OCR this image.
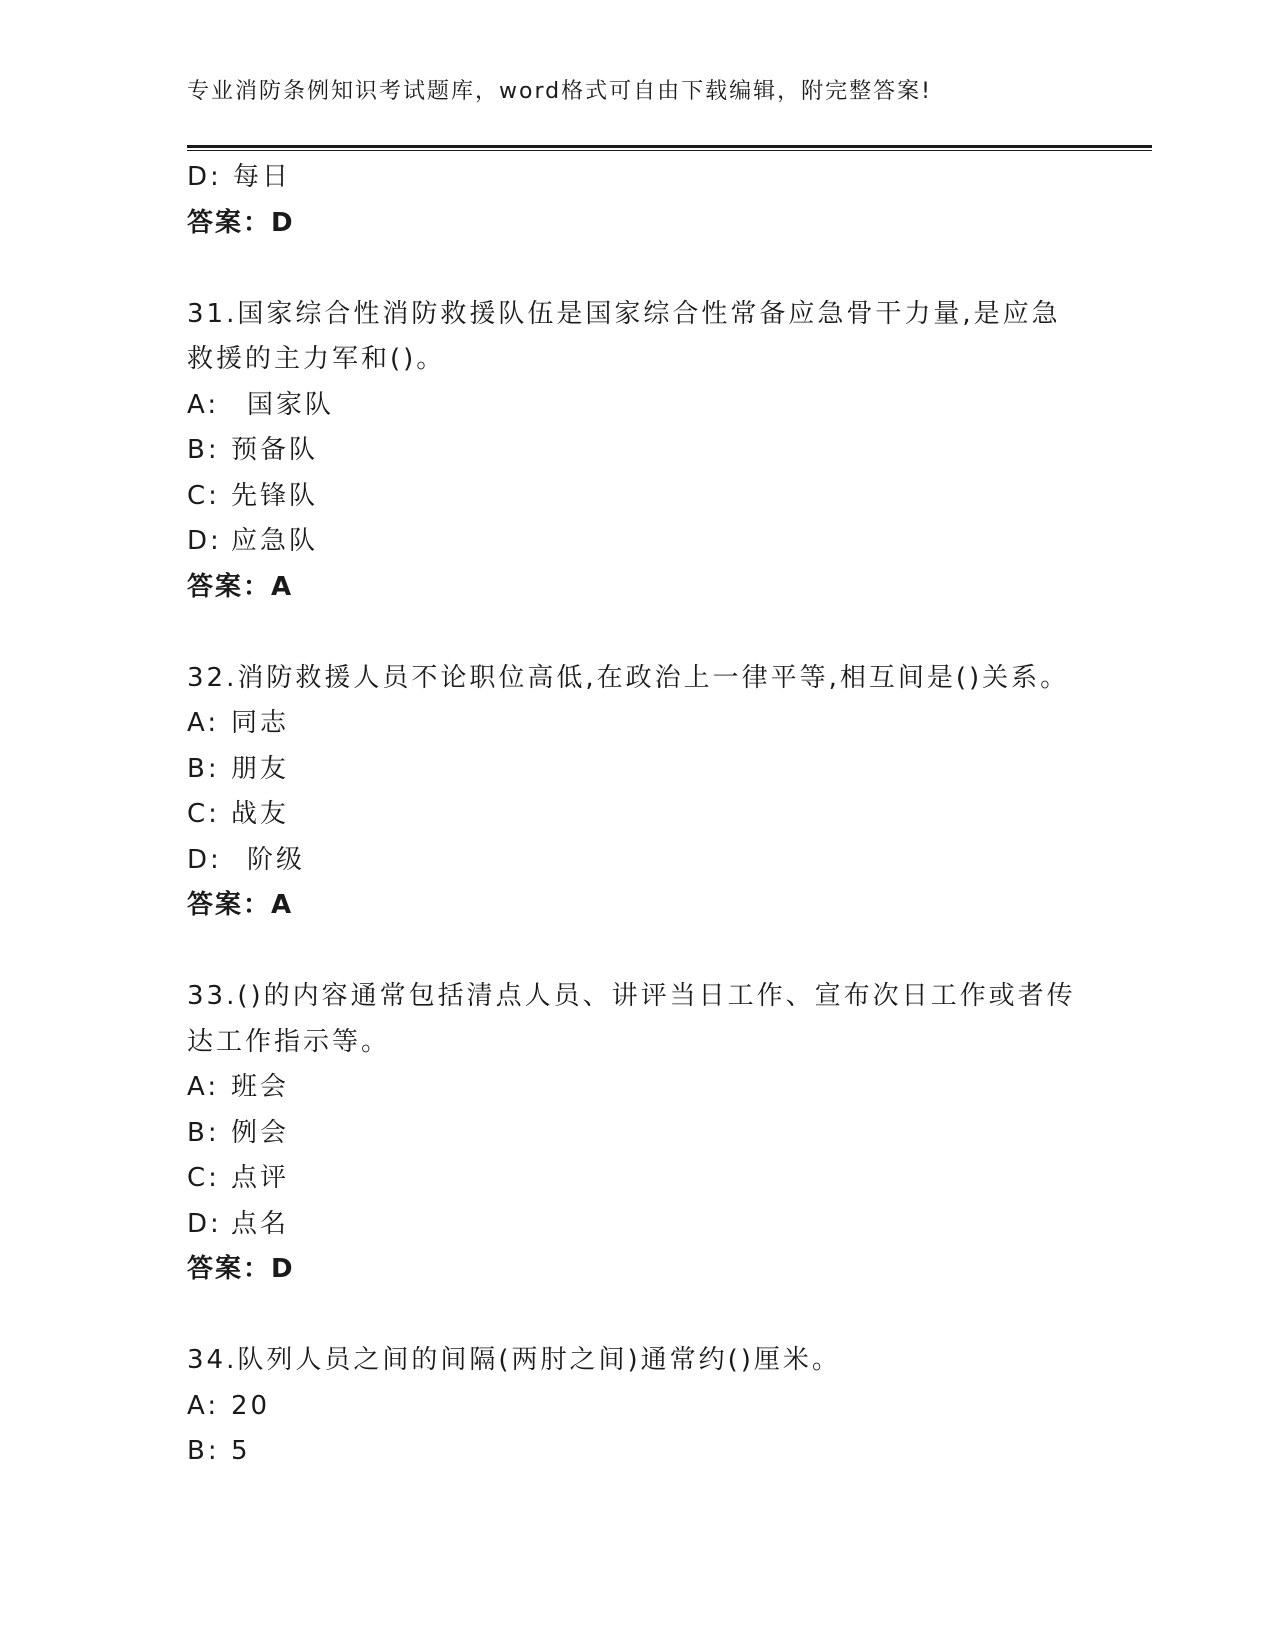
专业消防条例知识考试题库，word格式可自由下载编辑，附完整答案!
D: 每日
答案：D
31.国家综合性消防救援队伍是国家综合性常备应急骨干力量,是应急
救援的主力军和()。
A: 国家队
B: 预备队
C: 先锋队
D: 应急队
答案：A
32.消防救援人员不论职位高低,在政治上一律平等,相互间是()关系。
A: 同志
B: 朋友
C: 战友
D: 阶级
答案：A
33.()的内容通常包括清点人员、讲评当日工作、宣布次日工作或者传
达工作指示等。
A: 班会
B: 例会
C: 点评
D: 点名
答案：D
34.队列人员之间的间隔(两肘之间)通常约()厘米。
A: 20
B: 5
